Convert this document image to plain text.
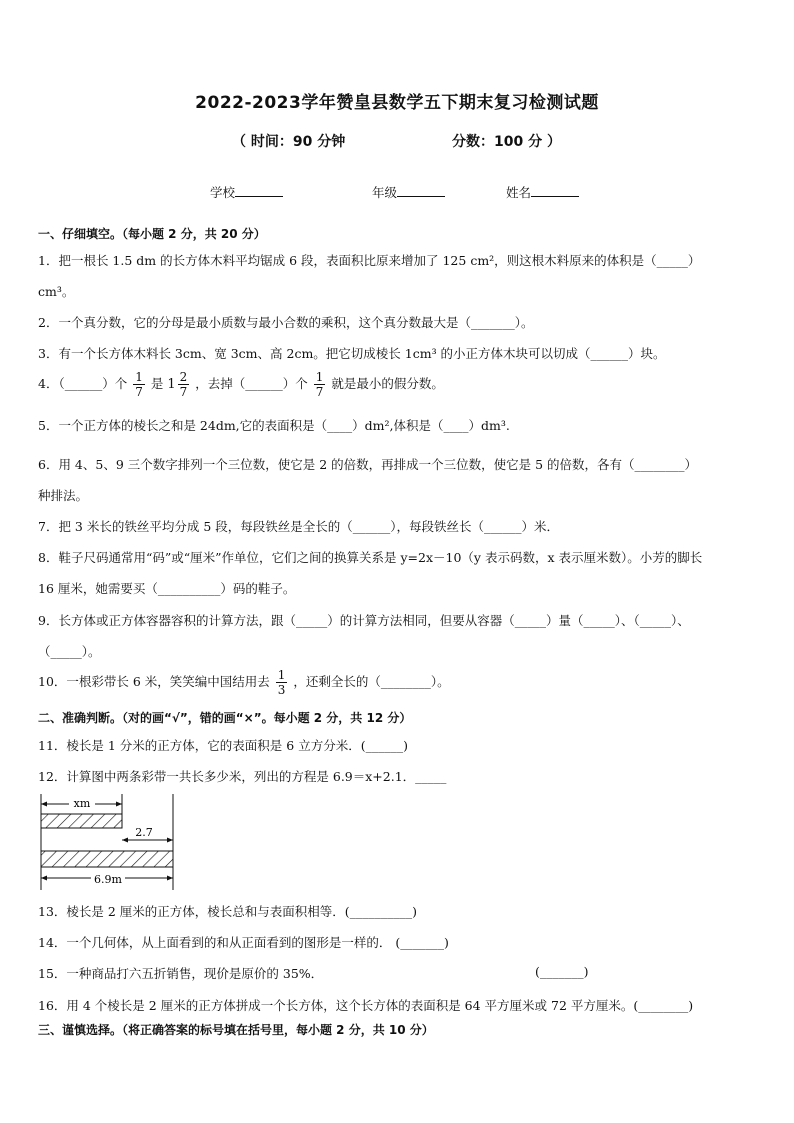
2022-2023学年赞皇县数学五下期末复习检测试题
（ 时间：90 分钟	分数：100 分 ）
学校	年级	姓名
一、仔细填空。（每小题 2 分，共 20 分）
1．把一根长 1.5 dm 的长方体木料平均锯成 6 段，表面积比原来增加了 125 cm²，则这根木料原来的体积是（_____）
cm³。
2．一个真分数，它的分母是最小质数与最小合数的乘积，这个真分数最大是（_______）。
3．有一个长方体木料长 3cm、宽 3cm、高 2cm。把它切成棱长 1cm³ 的小正方体木块可以切成（______）块。
4．（______）个 $\frac{1}{7}$ 是 $1 \frac{2}{7}$ ，去掉（______）个 $\frac{1}{7}$ 就是最小的假分数。
5．一个正方体的棱长之和是 24dm,它的表面积是（____）dm²,体积是（____）dm³.
6．用 4、5、9 三个数字排列一个三位数，使它是 2 的倍数，再排成一个三位数，使它是 5 的倍数，各有（________）
种排法。
7．把 3 米长的铁丝平均分成 5 段，每段铁丝是全长的（______），每段铁丝长（______）米．
8．鞋子尺码通常用“码”或“厘米”作单位，它们之间的换算关系是 y=2x－10（y 表示码数，x 表示厘米数）。小芳的脚长
16 厘米，她需要买（__________）码的鞋子。
9．长方体或正方体容器容积的计算方法，跟（_____）的计算方法相同，但要从容器（_____）量（_____）、（_____）、
（_____）。
10．一根彩带长 6 米，笑笑编中国结用去 $\frac{1}{3}$ ，还剩全长的（________）。
二、准确判断。（对的画“√”，错的画“×”。每小题 2 分，共 12 分）
11．棱长是 1 分米的正方体，它的表面积是 6 立方分米．(______)
12．计算图中两条彩带一共长多少米，列出的方程是 6.9＝x+2.1．_____
xm
2.7
6.9m
13．棱长是 2 厘米的正方体，棱长总和与表面积相等．(__________)
14．一个几何体，从上面看到的和从正面看到的图形是一样的． (_______)
15．一种商品打六五折销售，现价是原价的 35%．	(_______)
16．用 4 个棱长是 2 厘米的正方体拼成一个长方体，这个长方体的表面积是 64 平方厘米或 72 平方厘米。(________)
三、谨慎选择。（将正确答案的标号填在括号里，每小题 2 分，共 10 分）
